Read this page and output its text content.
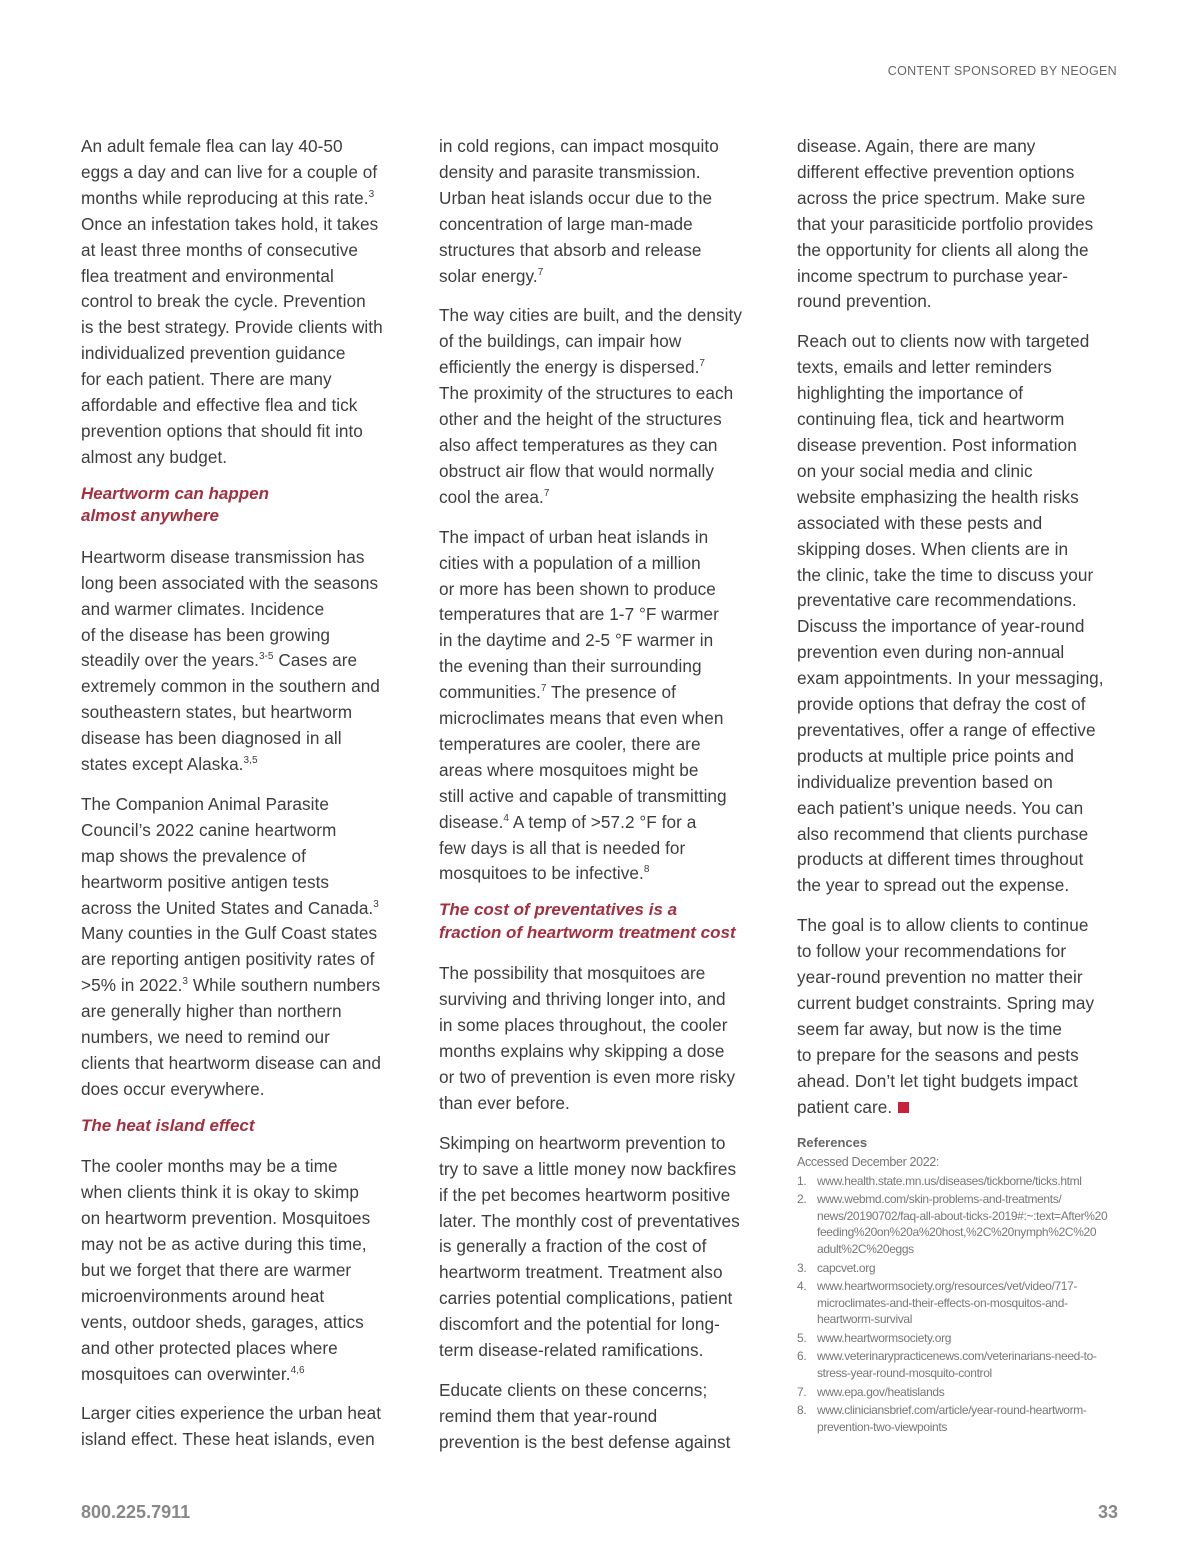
CONTENT SPONSORED BY NEOGEN
An adult female flea can lay 40-50
eggs a day and can live for a couple of
months while reproducing at this rate.$^3$
Once an infestation takes hold, it takes
at least three months of consecutive
flea treatment and environmental
control to break the cycle. Prevention
is the best strategy. Provide clients with
individualized prevention guidance
for each patient. There are many
affordable and effective flea and tick
prevention options that should fit into
almost any budget.
Heartworm can happen
almost anywhere
Heartworm disease transmission has
long been associated with the seasons
and warmer climates. Incidence
of the disease has been growing
steadily over the years.$^{3-5}$ Cases are
extremely common in the southern and
southeastern states, but heartworm
disease has been diagnosed in all
states except Alaska.$^{3,5}$
The Companion Animal Parasite
Council’s 2022 canine heartworm
map shows the prevalence of
heartworm positive antigen tests
across the United States and Canada.$^3$
Many counties in the Gulf Coast states
are reporting antigen positivity rates of
>5% in 2022.$^3$ While southern numbers
are generally higher than northern
numbers, we need to remind our
clients that heartworm disease can and
does occur everywhere.
The heat island effect
The cooler months may be a time
when clients think it is okay to skimp
on heartworm prevention. Mosquitoes
may not be as active during this time,
but we forget that there are warmer
microenvironments around heat
vents, outdoor sheds, garages, attics
and other protected places where
mosquitoes can overwinter.$^{4,6}$
Larger cities experience the urban heat
island effect. These heat islands, even
in cold regions, can impact mosquito
density and parasite transmission.
Urban heat islands occur due to the
concentration of large man-made
structures that absorb and release
solar energy.$^7$
The way cities are built, and the density
of the buildings, can impair how
efficiently the energy is dispersed.$^7$
The proximity of the structures to each
other and the height of the structures
also affect temperatures as they can
obstruct air flow that would normally
cool the area.$^7$
The impact of urban heat islands in
cities with a population of a million
or more has been shown to produce
temperatures that are 1-7 °F warmer
in the daytime and 2-5 °F warmer in
the evening than their surrounding
communities.$^7$ The presence of
microclimates means that even when
temperatures are cooler, there are
areas where mosquitoes might be
still active and capable of transmitting
disease.$^4$ A temp of >57.2 °F for a
few days is all that is needed for
mosquitoes to be infective.$^8$
The cost of preventatives is a
fraction of heartworm treatment cost
The possibility that mosquitoes are
surviving and thriving longer into, and
in some places throughout, the cooler
months explains why skipping a dose
or two of prevention is even more risky
than ever before.
Skimping on heartworm prevention to
try to save a little money now backfires
if the pet becomes heartworm positive
later. The monthly cost of preventatives
is generally a fraction of the cost of
heartworm treatment. Treatment also
carries potential complications, patient
discomfort and the potential for long-
term disease-related ramifications.
Educate clients on these concerns;
remind them that year-round
prevention is the best defense against
disease. Again, there are many
different effective prevention options
across the price spectrum. Make sure
that your parasiticide portfolio provides
the opportunity for clients all along the
income spectrum to purchase year-
round prevention.
Reach out to clients now with targeted
texts, emails and letter reminders
highlighting the importance of
continuing flea, tick and heartworm
disease prevention. Post information
on your social media and clinic
website emphasizing the health risks
associated with these pests and
skipping doses. When clients are in
the clinic, take the time to discuss your
preventative care recommendations.
Discuss the importance of year-round
prevention even during non-annual
exam appointments. In your messaging,
provide options that defray the cost of
preventatives, offer a range of effective
products at multiple price points and
individualize prevention based on
each patient’s unique needs. You can
also recommend that clients purchase
products at different times throughout
the year to spread out the expense.
The goal is to allow clients to continue
to follow your recommendations for
year-round prevention no matter their
current budget constraints. Spring may
seem far away, but now is the time
to prepare for the seasons and pests
ahead. Don’t let tight budgets impact
patient care.
References
Accessed December 2022:
1. www.health.state.mn.us/diseases/tickborne/ticks.html
2. www.webmd.com/skin-problems-and-treatments/
news/20190702/faq-all-about-ticks-2019#:~:text=After%20
feeding%20on%20a%20host,%2C%20nymph%2C%20
adult%2C%20eggs
3. capcvet.org
4. www.heartwormsociety.org/resources/vet/video/717-
microclimates-and-their-effects-on-mosquitos-and-
heartworm-survival
5. www.heartwormsociety.org
6. www.veterinarypracticenews.com/veterinarians-need-to-
stress-year-round-mosquito-control
7. www.epa.gov/heatislands
8. www.cliniciansbrief.com/article/year-round-heartworm-
prevention-two-viewpoints
800.225.7911	33
